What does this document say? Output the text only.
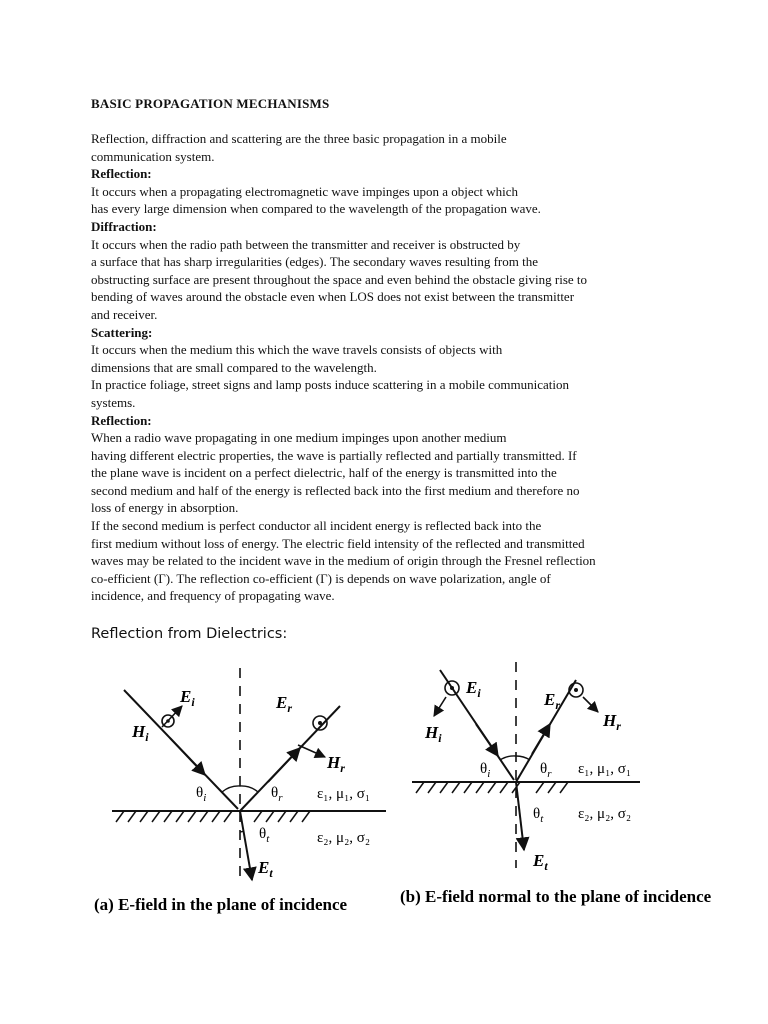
BASIC PROPAGATION MECHANISMS
Reflection, diffraction and scattering are the three basic propagation in a mobile
communication system.
Reflection:
It occurs when a propagating electromagnetic wave impinges upon a object which
has every large dimension when compared to the wavelength of the propagation wave.
Diffraction:
It occurs when the radio path between the transmitter and receiver is obstructed by
a surface that has sharp irregularities (edges). The secondary waves resulting from the
obstructing surface are present throughout the space and even behind the obstacle giving rise to
bending of waves around the obstacle even when LOS does not exist between the transmitter
and receiver.
Scattering:
It occurs when the medium this which the wave travels consists of objects with
dimensions that are small compared to the wavelength.
In practice foliage, street signs and lamp posts induce scattering in a mobile communication
systems.
Reflection:
When a radio wave propagating in one medium impinges upon another medium
having different electric properties, the wave is partially reflected and partially transmitted. If
the plane wave is incident on a perfect dielectric, half of the energy is transmitted into the
second medium and half of the energy is reflected back into the first medium and therefore no
loss of energy in absorption.
If the second medium is perfect conductor all incident energy is reflected back into the
first medium without loss of energy. The electric field intensity of the reflected and transmitted
waves may be related to the incident wave in the medium of origin through the Fresnel reflection
co-efficient (Γ). The reflection co-efficient (Γ) is depends on wave polarization, angle of
incidence, and frequency of propagating wave.
Reflection from Dielectrics:
$E_i$
$H_i$
$E_r$
$H_r$
$E_t$
$\theta_i$	$\theta_r$
$\theta_t$
ε₁, μ₁, σ₁
ε₂, μ₂, σ₂
(a) E-field in the plane of incidence
$E_i$
$H_i$
$E_r$
$H_r$
$E_t$
$\theta_i$	$\theta_r$
$\theta_t$
ε₁, μ₁, σ₁
ε₂, μ₂, σ₂
(b) E-field normal to the plane of incidence
